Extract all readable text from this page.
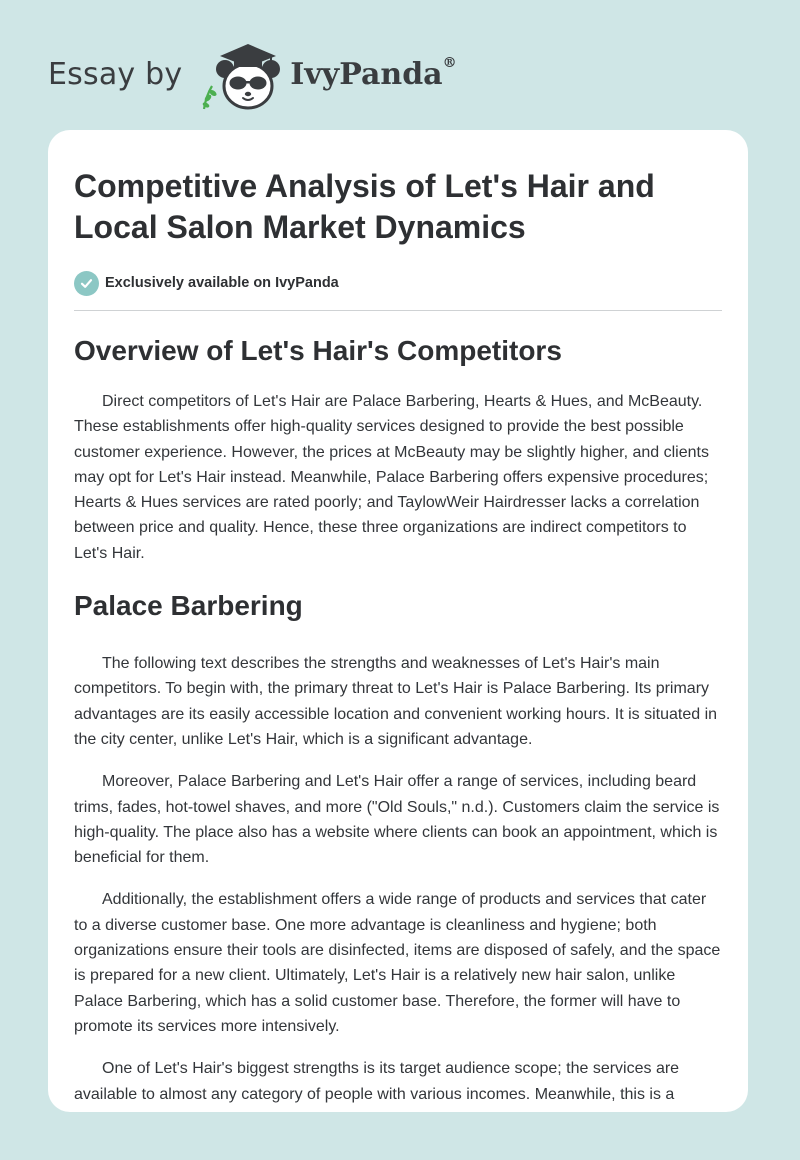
Essay by	IvyPanda®
Competitive Analysis of Let's Hair and Local Salon Market Dynamics
Exclusively available on IvyPanda
Overview of Let's Hair's Competitors

Direct competitors of Let's Hair are Palace Barbering, Hearts & Hues, and McBeauty. These establishments offer high-quality services designed to provide the best possible customer experience. However, the prices at McBeauty may be slightly higher, and clients may opt for Let's Hair instead. Meanwhile, Palace Barbering offers expensive procedures; Hearts & Hues services are rated poorly; and TaylowWeir Hairdresser lacks a correlation between price and quality. Hence, these three organizations are indirect competitors to Let's Hair.

Palace Barbering

The following text describes the strengths and weaknesses of Let's Hair's main competitors. To begin with, the primary threat to Let's Hair is Palace Barbering. Its primary advantages are its easily accessible location and convenient working hours. It is situated in the city center, unlike Let's Hair, which is a significant advantage.

Moreover, Palace Barbering and Let's Hair offer a range of services, including beard trims, fades, hot-towel shaves, and more ("Old Souls," n.d.). Customers claim the service is high-quality. The place also has a website where clients can book an appointment, which is beneficial for them.

Additionally, the establishment offers a wide range of products and services that cater to a diverse customer base. One more advantage is cleanliness and hygiene; both organizations ensure their tools are disinfected, items are disposed of safely, and the space is prepared for a new client. Ultimately, Let's Hair is a relatively new hair salon, unlike Palace Barbering, which has a solid customer base. Therefore, the former will have to promote its services more intensively.

One of Let's Hair's biggest strengths is its target audience scope; the services are available to almost any category of people with various incomes. Meanwhile, this is a
